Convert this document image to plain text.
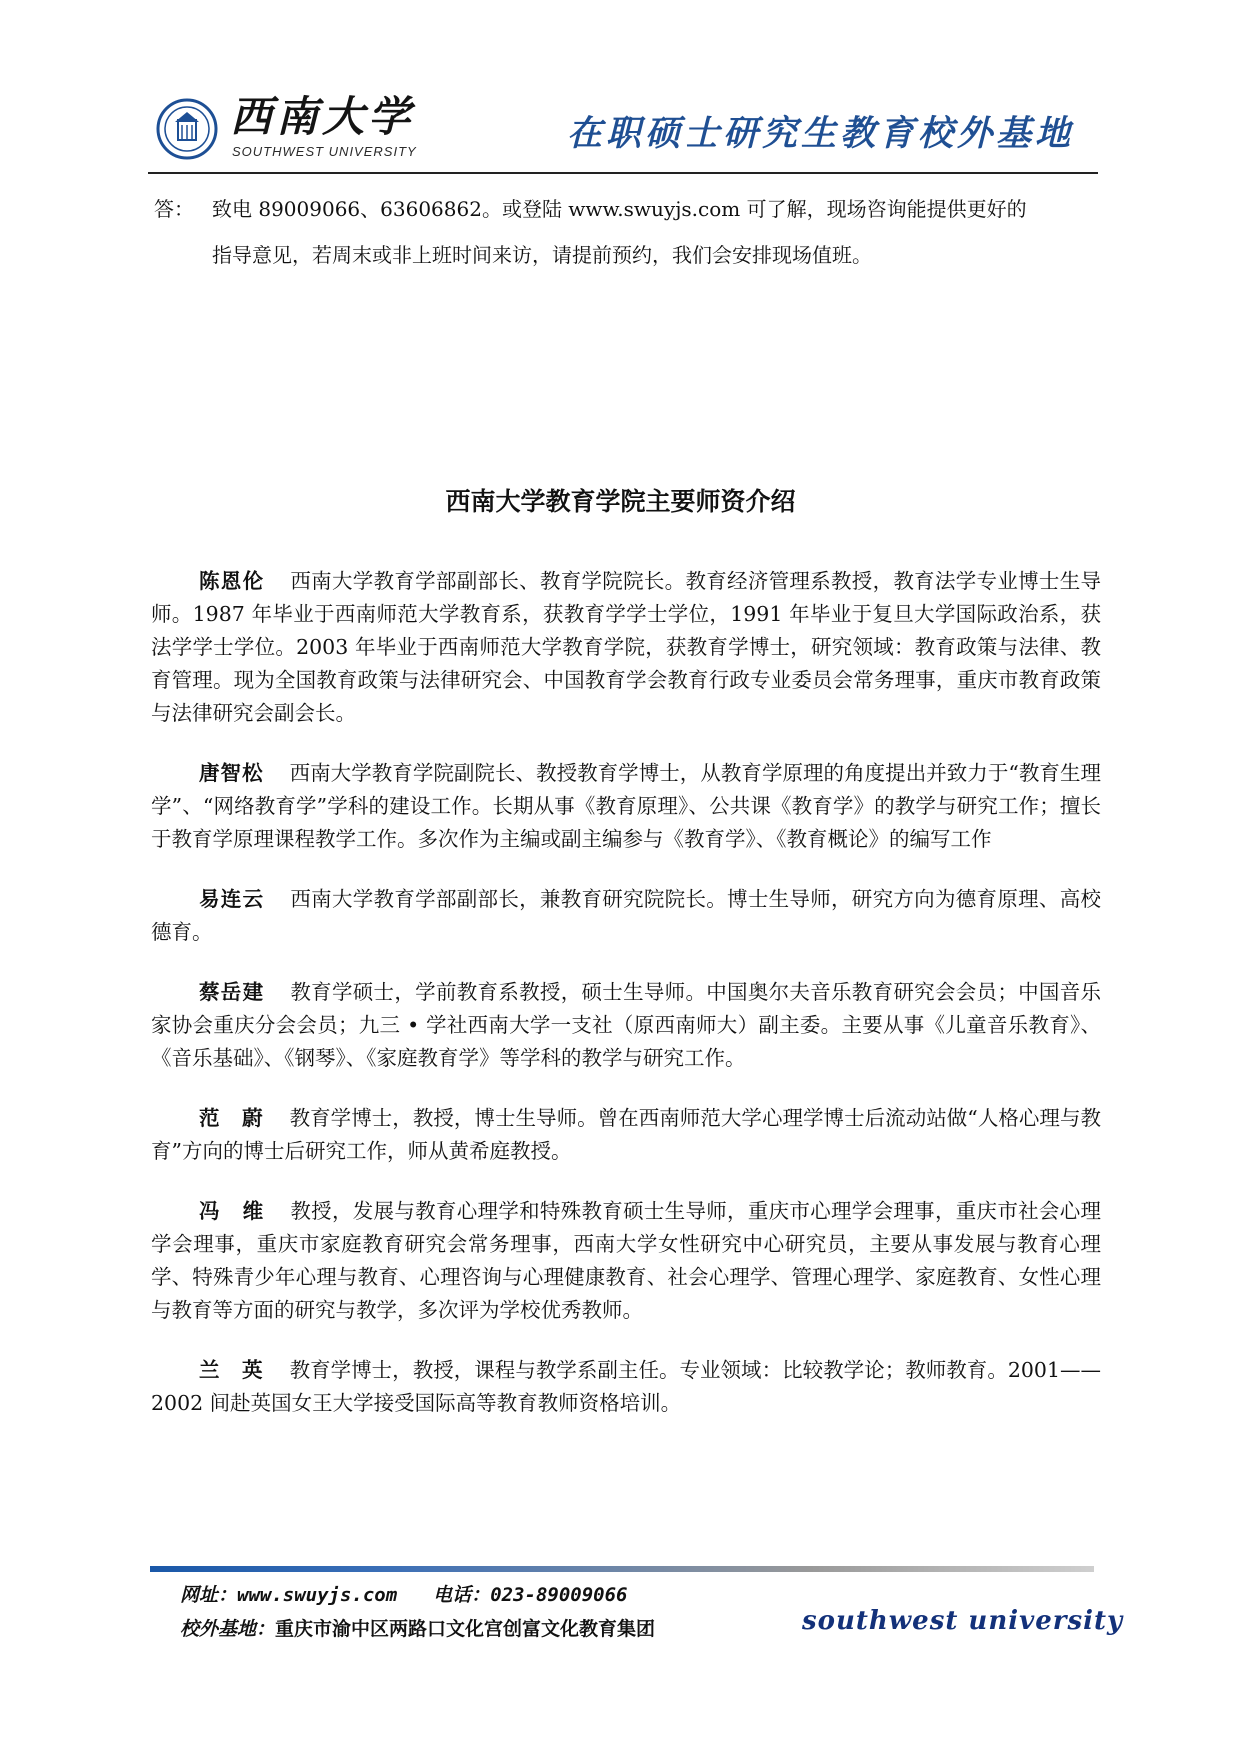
西南大学
SOUTHWEST UNIVERSITY	在职硕士研究生教育校外基地
答： 致电 89009066、63606862。或登陆 www.swuyjs.com 可了解，现场咨询能提供更好的
指导意见，若周末或非上班时间来访，请提前预约，我们会安排现场值班。
西南大学教育学院主要师资介绍

陈恩伦 西南大学教育学部副部长、教育学院院长。教育经济管理系教授，教育法学专业博士生导师。1987 年毕业于西南师范大学教育系，获教育学学士学位，1991 年毕业于复旦大学国际政治系，获法学学士学位。2003 年毕业于西南师范大学教育学院，获教育学博士，研究领域：教育政策与法律、教育管理。现为全国教育政策与法律研究会、中国教育学会教育行政专业委员会常务理事，重庆市教育政策与法律研究会副会长。

唐智松 西南大学教育学院副院长、教授教育学博士，从教育学原理的角度提出并致力于“教育生理学”、“网络教育学”学科的建设工作。长期从事《教育原理》、公共课《教育学》的教学与研究工作；擅长于教育学原理课程教学工作。多次作为主编或副主编参与《教育学》、《教育概论》的编写工作

易连云 西南大学教育学部副部长，兼教育研究院院长。博士生导师，研究方向为德育原理、高校德育。

蔡岳建 教育学硕士，学前教育系教授，硕士生导师。中国奥尔夫音乐教育研究会会员；中国音乐家协会重庆分会会员；九三 • 学社西南大学一支社（原西南师大）副主委。主要从事《儿童音乐教育》、《音乐基础》、《钢琴》、《家庭教育学》等学科的教学与研究工作。

范　蔚 教育学博士，教授，博士生导师。曾在西南师范大学心理学博士后流动站做“人格心理与教育”方向的博士后研究工作，师从黄希庭教授。

冯　维 教授，发展与教育心理学和特殊教育硕士生导师，重庆市心理学会理事，重庆市社会心理学会理事，重庆市家庭教育研究会常务理事，西南大学女性研究中心研究员，主要从事发展与教育心理学、特殊青少年心理与教育、心理咨询与心理健康教育、社会心理学、管理心理学、家庭教育、女性心理与教育等方面的研究与教学，多次评为学校优秀教师。

兰　英 教育学博士，教授，课程与教学系副主任。专业领域：比较教学论；教师教育。2001——2002 间赴英国女王大学接受国际高等教育教师资格培训。

网址：www.swuyjs.com 电话：023-89009066
校外基地：重庆市渝中区两路口文化宫创富文化教育集团	southwest university
